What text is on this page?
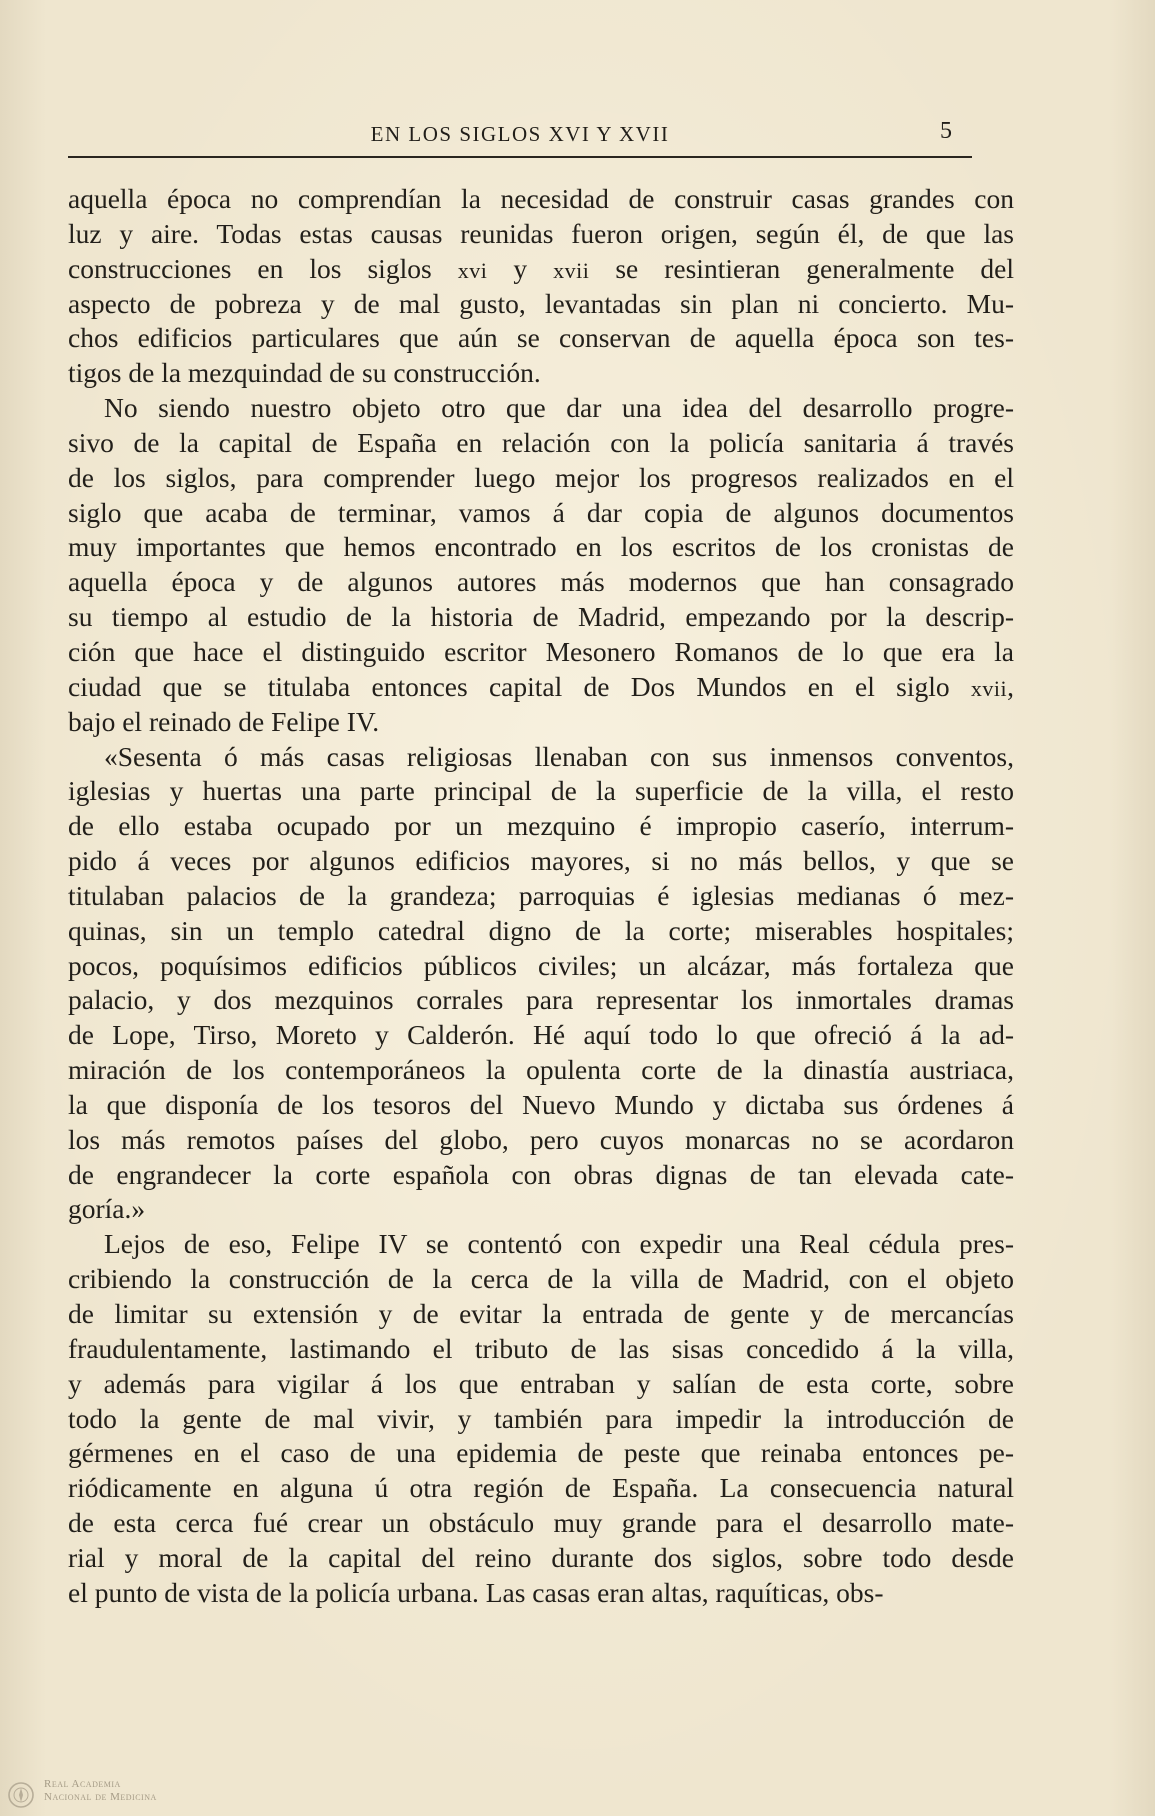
EN LOS SIGLOS XVI Y XVII	5
aquella época no comprendían la necesidad de construir casas grandes con
luz y aire. Todas estas causas reunidas fueron origen, según él, de que las
construcciones en los siglos xvi y xvii se resintieran generalmente del
aspecto de pobreza y de mal gusto, levantadas sin plan ni concierto. Mu-
chos edificios particulares que aún se conservan de aquella época son tes-
tigos de la mezquindad de su construcción.
No siendo nuestro objeto otro que dar una idea del desarrollo progre-
sivo de la capital de España en relación con la policía sanitaria á través
de los siglos, para comprender luego mejor los progresos realizados en el
siglo que acaba de terminar, vamos á dar copia de algunos documentos
muy importantes que hemos encontrado en los escritos de los cronistas de
aquella época y de algunos autores más modernos que han consagrado
su tiempo al estudio de la historia de Madrid, empezando por la descrip-
ción que hace el distinguido escritor Mesonero Romanos de lo que era la
ciudad que se titulaba entonces capital de Dos Mundos en el siglo xvii,
bajo el reinado de Felipe IV.
«Sesenta ó más casas religiosas llenaban con sus inmensos conventos,
iglesias y huertas una parte principal de la superficie de la villa, el resto
de ello estaba ocupado por un mezquino é impropio caserío, interrum-
pido á veces por algunos edificios mayores, si no más bellos, y que se
titulaban palacios de la grandeza; parroquias é iglesias medianas ó mez-
quinas, sin un templo catedral digno de la corte; miserables hospitales;
pocos, poquísimos edificios públicos civiles; un alcázar, más fortaleza que
palacio, y dos mezquinos corrales para representar los inmortales dramas
de Lope, Tirso, Moreto y Calderón. Hé aquí todo lo que ofreció á la ad-
miración de los contemporáneos la opulenta corte de la dinastía austriaca,
la que disponía de los tesoros del Nuevo Mundo y dictaba sus órdenes á
los más remotos países del globo, pero cuyos monarcas no se acordaron
de engrandecer la corte española con obras dignas de tan elevada cate-
goría.»
Lejos de eso, Felipe IV se contentó con expedir una Real cédula pres-
cribiendo la construcción de la cerca de la villa de Madrid, con el objeto
de limitar su extensión y de evitar la entrada de gente y de mercancías
fraudulentamente, lastimando el tributo de las sisas concedido á la villa,
y además para vigilar á los que entraban y salían de esta corte, sobre
todo la gente de mal vivir, y también para impedir la introducción de
gérmenes en el caso de una epidemia de peste que reinaba entonces pe-
riódicamente en alguna ú otra región de España. La consecuencia natural
de esta cerca fué crear un obstáculo muy grande para el desarrollo mate-
rial y moral de la capital del reino durante dos siglos, sobre todo desde
el punto de vista de la policía urbana. Las casas eran altas, raquíticas, obs-
Real Academia
Nacional de Medicina
